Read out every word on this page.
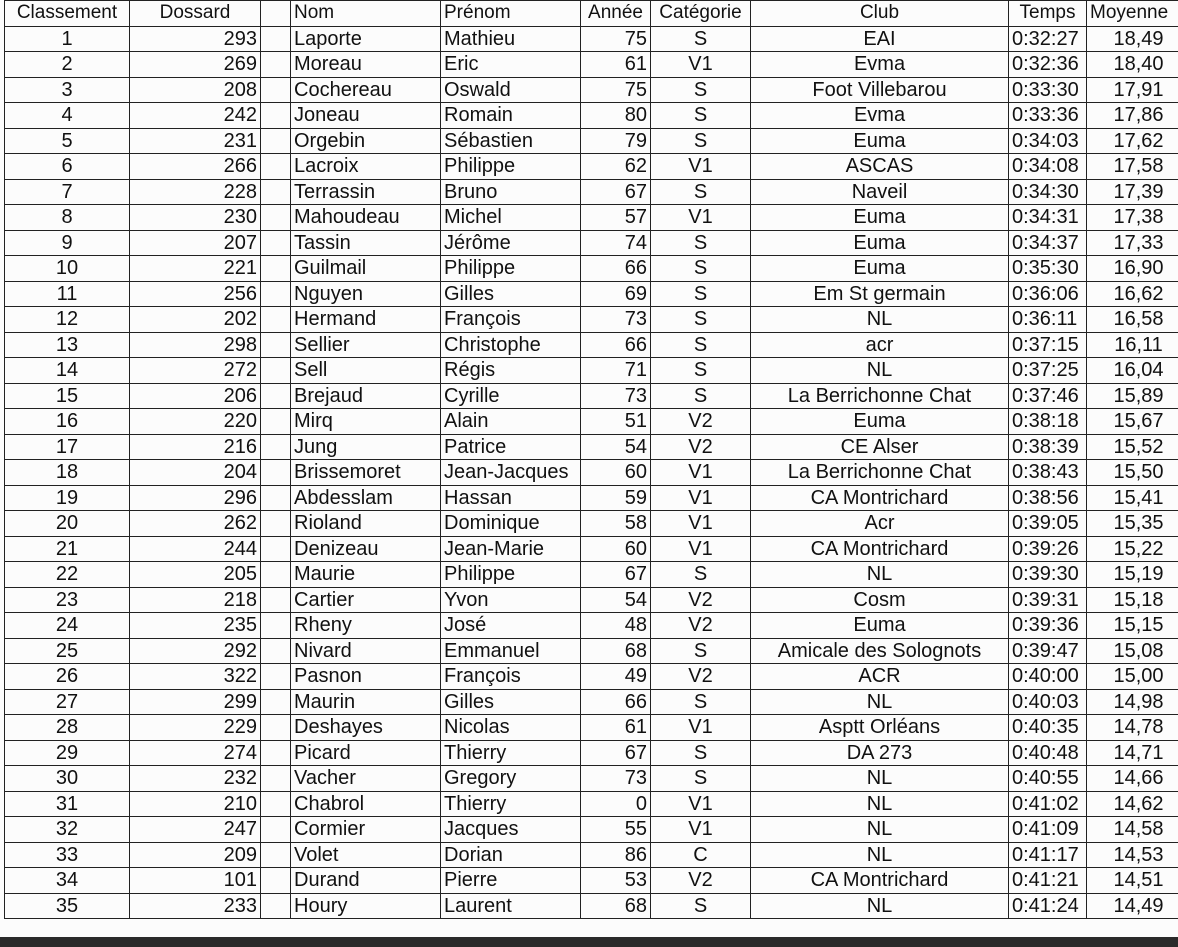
Classement	Dossard		Nom	Prénom	Année	Catégorie	Club	Temps	Moyenne
1	293		Laporte	Mathieu	75	S	EAI	0:32:27	18,49
2	269		Moreau	Eric	61	V1	Evma	0:32:36	18,40
3	208		Cochereau	Oswald	75	S	Foot Villebarou	0:33:30	17,91
4	242		Joneau	Romain	80	S	Evma	0:33:36	17,86
5	231		Orgebin	Sébastien	79	S	Euma	0:34:03	17,62
6	266		Lacroix	Philippe	62	V1	ASCAS	0:34:08	17,58
7	228		Terrassin	Bruno	67	S	Naveil	0:34:30	17,39
8	230		Mahoudeau	Michel	57	V1	Euma	0:34:31	17,38
9	207		Tassin	Jérôme	74	S	Euma	0:34:37	17,33
10	221		Guilmail	Philippe	66	S	Euma	0:35:30	16,90
11	256		Nguyen	Gilles	69	S	Em St germain	0:36:06	16,62
12	202		Hermand	François	73	S	NL	0:36:11	16,58
13	298		Sellier	Christophe	66	S	acr	0:37:15	16,11
14	272		Sell	Régis	71	S	NL	0:37:25	16,04
15	206		Brejaud	Cyrille	73	S	La Berrichonne Chat	0:37:46	15,89
16	220		Mirq	Alain	51	V2	Euma	0:38:18	15,67
17	216		Jung	Patrice	54	V2	CE Alser	0:38:39	15,52
18	204		Brissemoret	Jean-Jacques	60	V1	La Berrichonne Chat	0:38:43	15,50
19	296		Abdesslam	Hassan	59	V1	CA Montrichard	0:38:56	15,41
20	262		Rioland	Dominique	58	V1	Acr	0:39:05	15,35
21	244		Denizeau	Jean-Marie	60	V1	CA Montrichard	0:39:26	15,22
22	205		Maurie	Philippe	67	S	NL	0:39:30	15,19
23	218		Cartier	Yvon	54	V2	Cosm	0:39:31	15,18
24	235		Rheny	José	48	V2	Euma	0:39:36	15,15
25	292		Nivard	Emmanuel	68	S	Amicale des Solognots	0:39:47	15,08
26	322		Pasnon	François	49	V2	ACR	0:40:00	15,00
27	299		Maurin	Gilles	66	S	NL	0:40:03	14,98
28	229		Deshayes	Nicolas	61	V1	Asptt Orléans	0:40:35	14,78
29	274		Picard	Thierry	67	S	DA 273	0:40:48	14,71
30	232		Vacher	Gregory	73	S	NL	0:40:55	14,66
31	210		Chabrol	Thierry	0	V1	NL	0:41:02	14,62
32	247		Cormier	Jacques	55	V1	NL	0:41:09	14,58
33	209		Volet	Dorian	86	C	NL	0:41:17	14,53
34	101		Durand	Pierre	53	V2	CA Montrichard	0:41:21	14,51
35	233		Houry	Laurent	68	S	NL	0:41:24	14,49
